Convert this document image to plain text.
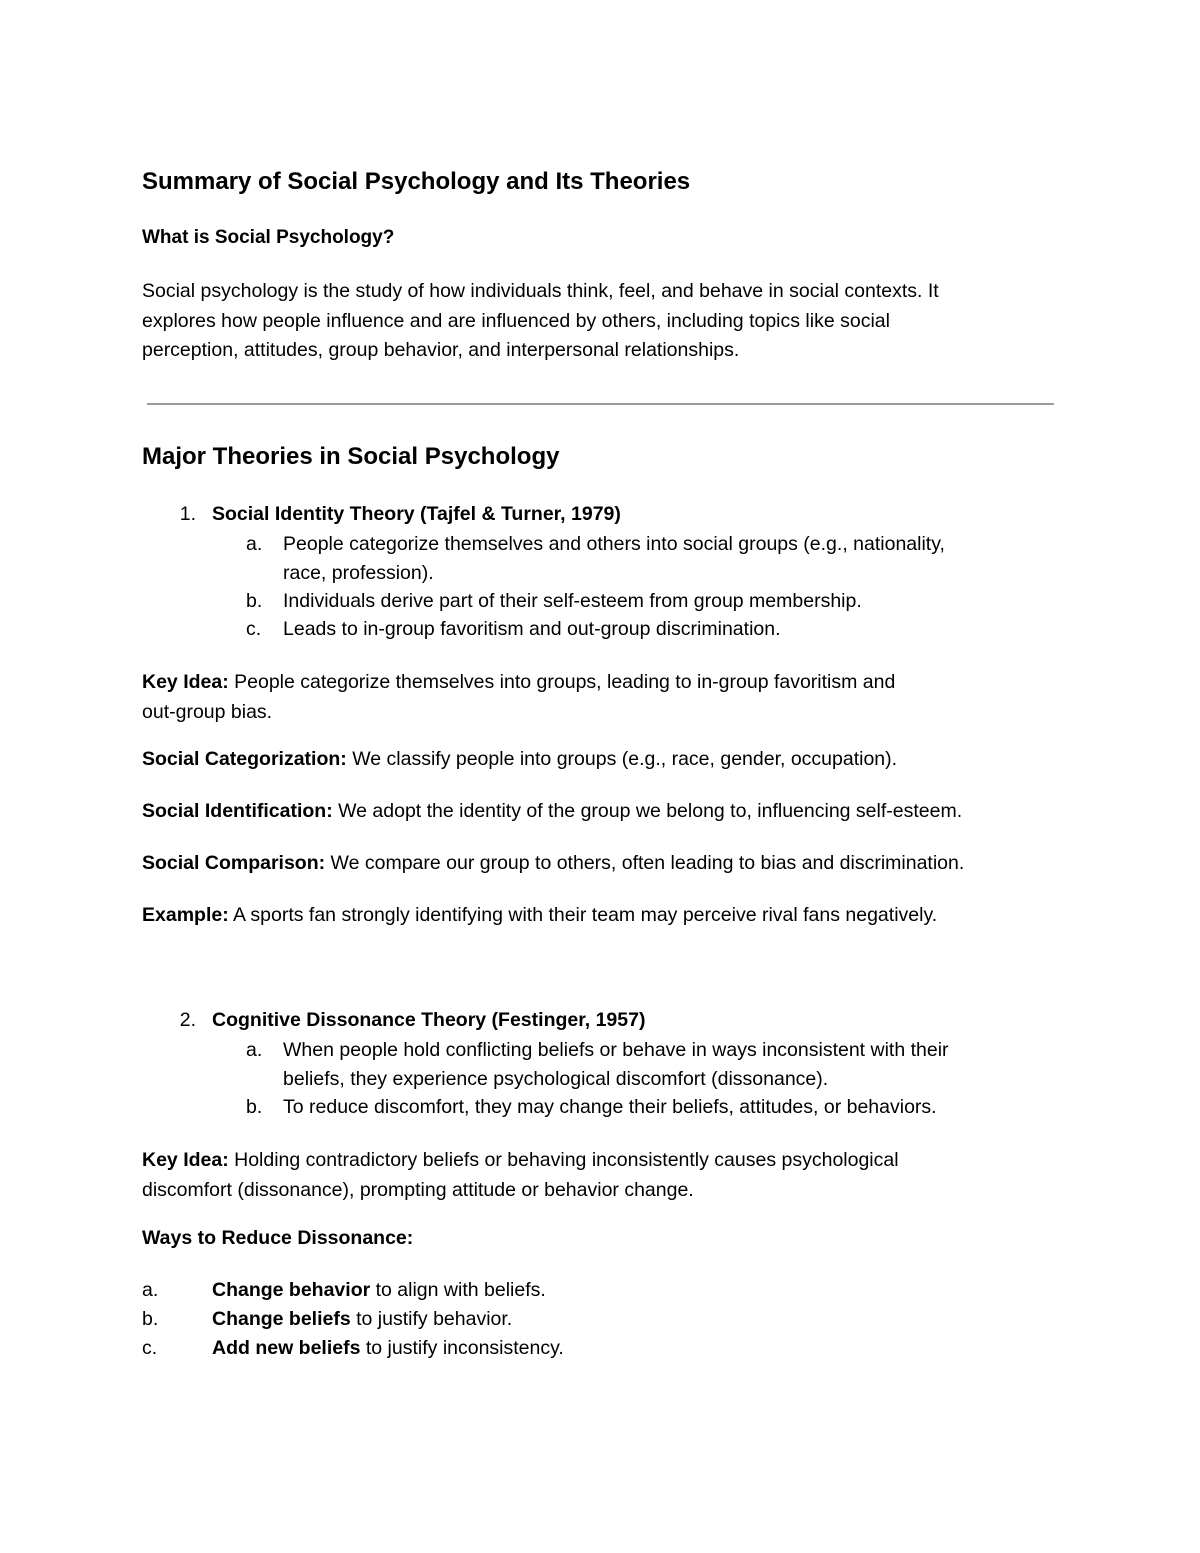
Summary of Social Psychology and Its Theories
What is Social Psychology?
Social psychology is the study of how individuals think, feel, and behave in social contexts. It
explores how people influence and are influenced by others, including topics like social
perception, attitudes, group behavior, and interpersonal relationships.
Major Theories in Social Psychology
1. Social Identity Theory (Tajfel & Turner, 1979)
a. People categorize themselves and others into social groups (e.g., nationality,
race, profession).
b. Individuals derive part of their self-esteem from group membership.
c. Leads to in-group favoritism and out-group discrimination.
Key Idea: People categorize themselves into groups, leading to in-group favoritism and
out-group bias.
Social Categorization: We classify people into groups (e.g., race, gender, occupation).
Social Identification: We adopt the identity of the group we belong to, influencing self-esteem.
Social Comparison: We compare our group to others, often leading to bias and discrimination.
Example: A sports fan strongly identifying with their team may perceive rival fans negatively.
2. Cognitive Dissonance Theory (Festinger, 1957)
a. When people hold conflicting beliefs or behave in ways inconsistent with their
beliefs, they experience psychological discomfort (dissonance).
b. To reduce discomfort, they may change their beliefs, attitudes, or behaviors.
Key Idea: Holding contradictory beliefs or behaving inconsistently causes psychological
discomfort (dissonance), prompting attitude or behavior change.
Ways to Reduce Dissonance:
a.	Change behavior to align with beliefs.
b.	Change beliefs to justify behavior.
c.	Add new beliefs to justify inconsistency.
